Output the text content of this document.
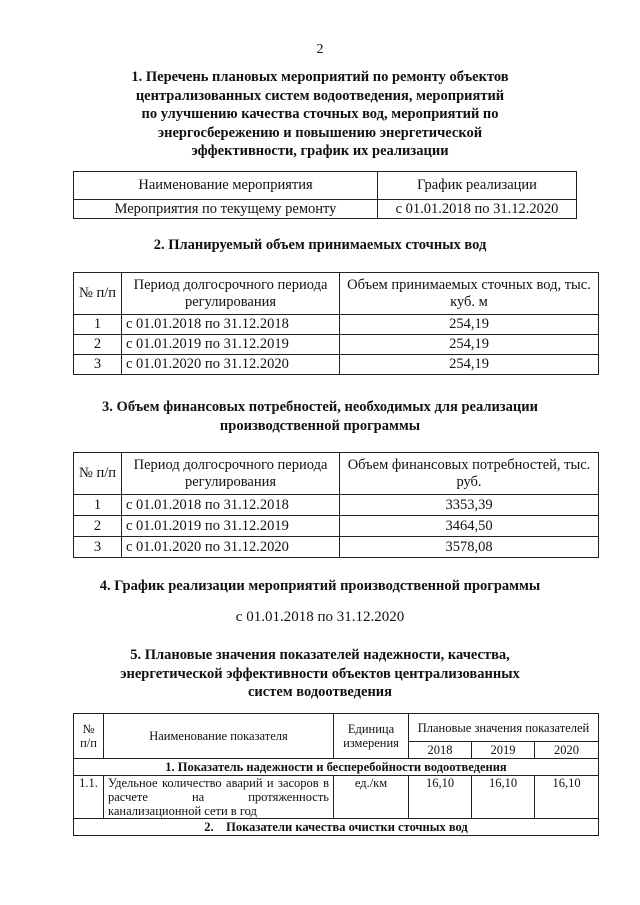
2
1. Перечень плановых мероприятий по ремонту объектов
централизованных систем водоотведения, мероприятий
по улучшению качества сточных вод, мероприятий по
энергосбережению и повышению энергетической
эффективности, график их реализации
Наименование мероприятия	График реализации
Мероприятия по текущему ремонту	с 01.01.2018 по 31.12.2020
2. Планируемый объем принимаемых сточных вод
№ п/п	Период долгосрочного периода регулирования	Объем принимаемых сточных вод, тыс. куб. м
1	с 01.01.2018 по 31.12.2018	254,19
2	с 01.01.2019 по 31.12.2019	254,19
3	с 01.01.2020 по 31.12.2020	254,19
3. Объем финансовых потребностей, необходимых для реализации
производственной программы
№ п/п	Период долгосрочного периода регулирования	Объем финансовых потребностей, тыс. руб.
1	с 01.01.2018 по 31.12.2018	3353,39
2	с 01.01.2019 по 31.12.2019	3464,50
3	с 01.01.2020 по 31.12.2020	3578,08
4. График реализации мероприятий производственной программы
с 01.01.2018 по 31.12.2020
5. Плановые значения показателей надежности, качества,
энергетической эффективности объектов централизованных
систем водоотведения
№ п/п	Наименование показателя	Единица измерения	Плановые значения показателей		
			2018	2019	2020
1. Показатель надежности и бесперебойности водоотведения					
1.1.	Удельное количество аварий и засоров в расчете на протяженность канализационной сети в год	ед./км	16,10	16,10	16,10
2.    Показатели качества очистки сточных вод					
